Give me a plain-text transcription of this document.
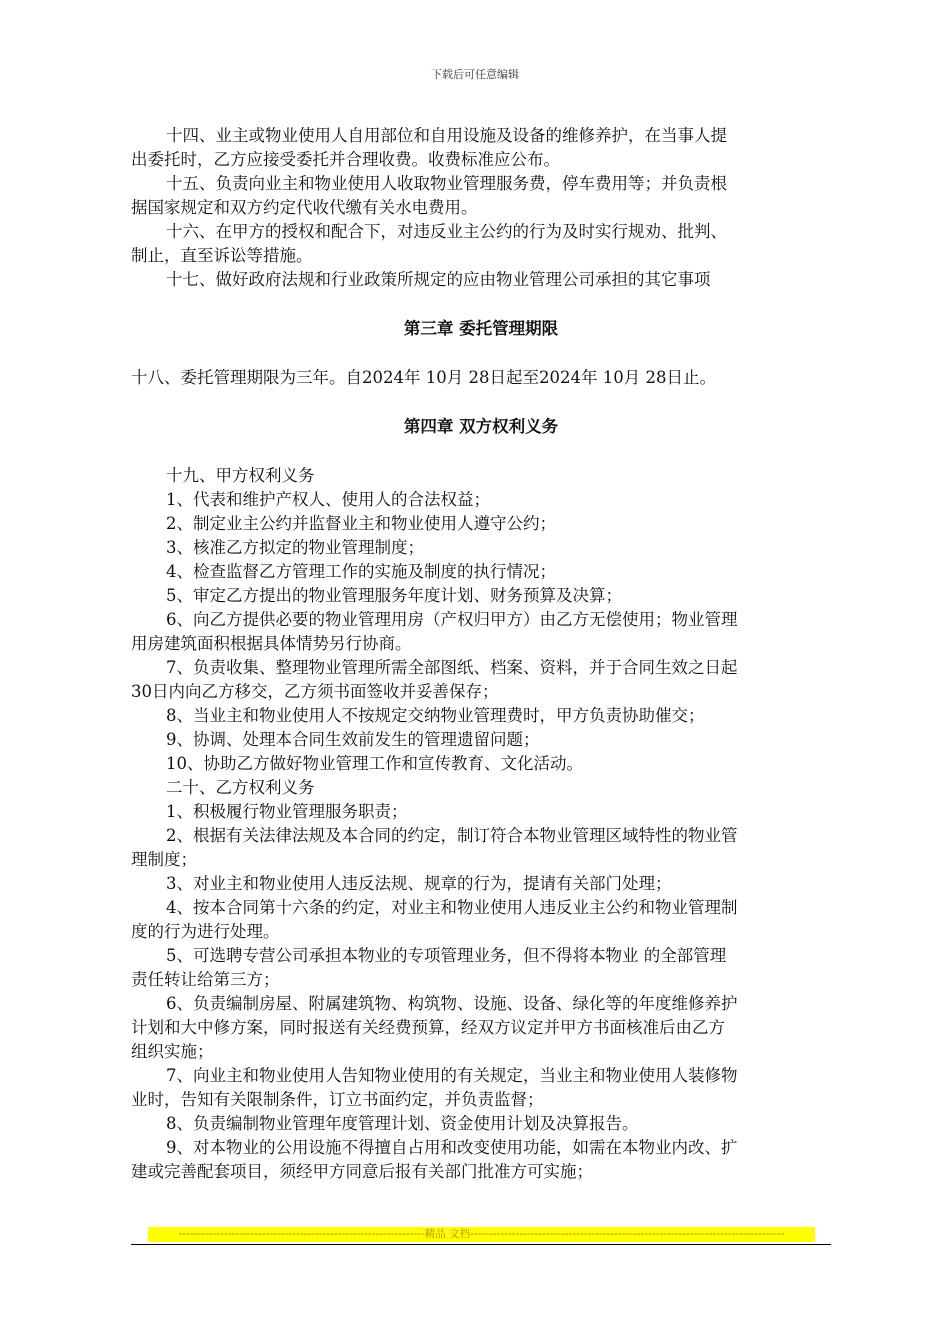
下载后可任意编辑

十四、业主或物业使用人自用部位和自用设施及设备的维修养护，在当事人提

出委托时，乙方应接受委托并合理收费。收费标准应公布。

十五、负责向业主和物业使用人收取物业管理服务费，停车费用等；并负责根

据国家规定和双方约定代收代缴有关水电费用。

十六、在甲方的授权和配合下，对违反业主公约的行为及时实行规劝、批判、

制止，直至诉讼等措施。

十七、做好政府法规和行业政策所规定的应由物业管理公司承担的其它事项

第三章 委托管理期限

十八、委托管理期限为三年。自2024年 10月 28日起至2024年 10月 28日止。

第四章 双方权利义务

十九、甲方权利义务

1、代表和维护产权人、使用人的合法权益；

2、制定业主公约并监督业主和物业使用人遵守公约；

3、核准乙方拟定的物业管理制度；

4、检查监督乙方管理工作的实施及制度的执行情况；

5、审定乙方提出的物业管理服务年度计划、财务预算及决算；

6、向乙方提供必要的物业管理用房（产权归甲方）由乙方无偿使用；物业管理

用房建筑面积根据具体情势另行协商。

7、负责收集、整理物业管理所需全部图纸、档案、资料，并于合同生效之日起

30日内向乙方移交，乙方须书面签收并妥善保存；

8、当业主和物业使用人不按规定交纳物业管理费时，甲方负责协助催交；

9、协调、处理本合同生效前发生的管理遗留问题；

10、协助乙方做好物业管理工作和宣传教育、文化活动。

二十、乙方权利义务

1、积极履行物业管理服务职责；

2、根据有关法律法规及本合同的约定，制订符合本物业管理区域特性的物业管

理制度；

3、对业主和物业使用人违反法规、规章的行为，提请有关部门处理；

4、按本合同第十六条的约定，对业主和物业使用人违反业主公约和物业管理制

度的行为进行处理。

5、可选聘专营公司承担本物业的专项管理业务，但不得将本物业 的全部管理

责任转让给第三方；

6、负责编制房屋、附属建筑物、构筑物、设施、设备、绿化等的年度维修养护

计划和大中修方案，同时报送有关经费预算，经双方议定并甲方书面核准后由乙方

组织实施；

7、向业主和物业使用人告知物业使用的有关规定，当业主和物业使用人装修物

业时，告知有关限制条件，订立书面约定，并负责监督；

8、负责编制物业管理年度管理计划、资金使用计划及决算报告。

9、对本物业的公用设施不得擅自占用和改变使用功能，如需在本物业内改、扩

建或完善配套项目，须经甲方同意后报有关部门批准方可实施；

-----------------------------------------------------------------精品 文档-----------------------------------------------------------------------------------
